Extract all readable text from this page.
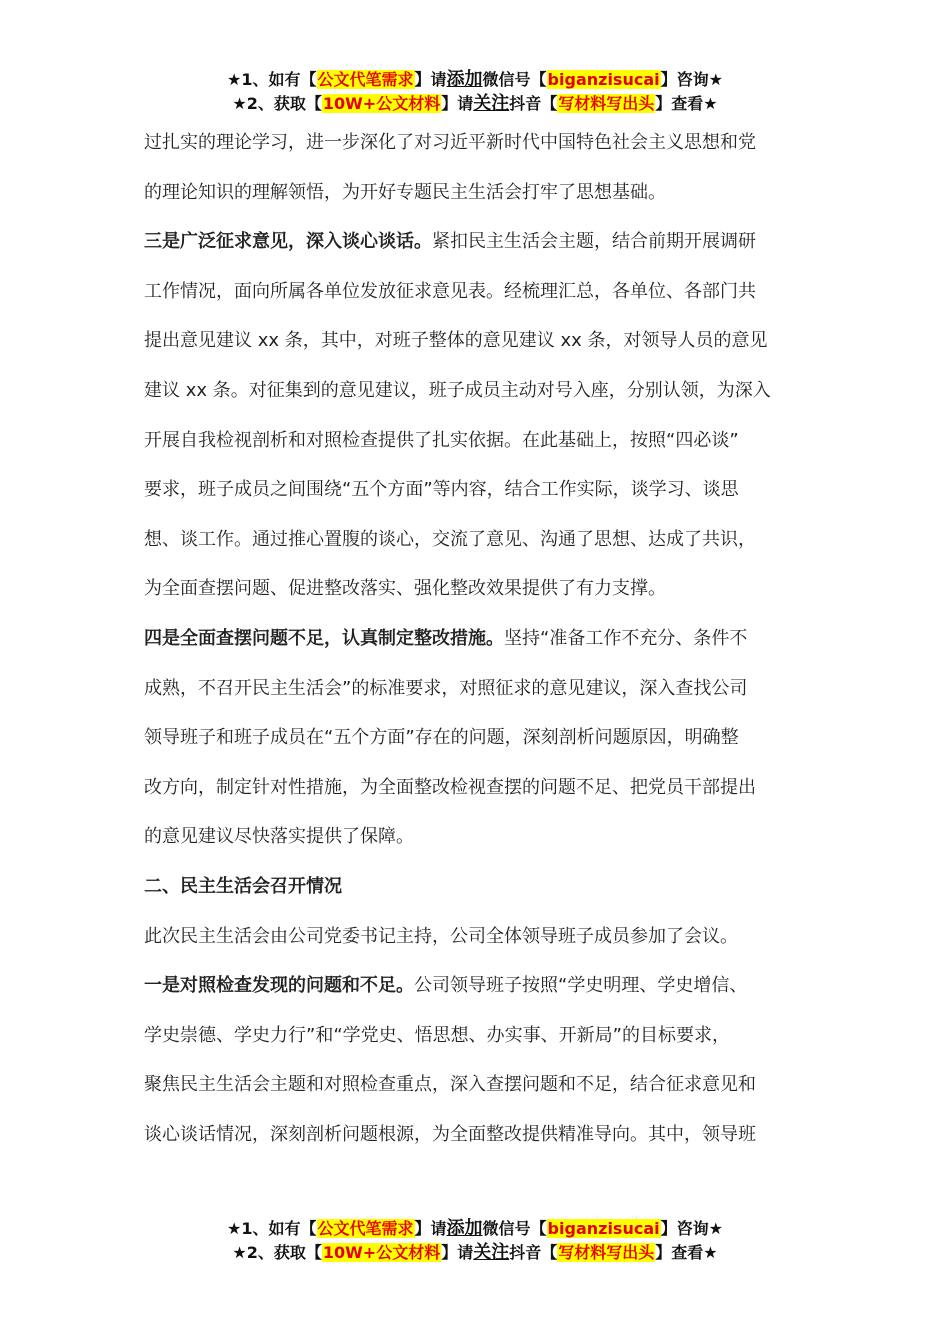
★1、如有【公文代笔需求】请添加微信号【biganzisucai】咨询★
★2、获取【10W+公文材料】请关注抖音【写材料写出头】查看★
过扎实的理论学习，进一步深化了对习近平新时代中国特色社会主义思想和党
的理论知识的理解领悟，为开好专题民主生活会打牢了思想基础。
三是广泛征求意见，深入谈心谈话。紧扣民主生活会主题，结合前期开展调研
工作情况，面向所属各单位发放征求意见表。经梳理汇总，各单位、各部门共
提出意见建议 xx 条，其中，对班子整体的意见建议 xx 条，对领导人员的意见
建议 xx 条。对征集到的意见建议，班子成员主动对号入座，分别认领，为深入
开展自我检视剖析和对照检查提供了扎实依据。在此基础上，按照“四必谈”
要求，班子成员之间围绕“五个方面”等内容，结合工作实际，谈学习、谈思
想、谈工作。通过推心置腹的谈心，交流了意见、沟通了思想、达成了共识，
为全面查摆问题、促进整改落实、强化整改效果提供了有力支撑。
四是全面查摆问题不足，认真制定整改措施。坚持“准备工作不充分、条件不
成熟，不召开民主生活会”的标准要求，对照征求的意见建议，深入查找公司
领导班子和班子成员在“五个方面”存在的问题，深刻剖析问题原因，明确整
改方向，制定针对性措施，为全面整改检视查摆的问题不足、把党员干部提出
的意见建议尽快落实提供了保障。
二、民主生活会召开情况
此次民主生活会由公司党委书记主持，公司全体领导班子成员参加了会议。
一是对照检查发现的问题和不足。公司领导班子按照“学史明理、学史增信、
学史崇德、学史力行”和“学党史、悟思想、办实事、开新局”的目标要求，
聚焦民主生活会主题和对照检查重点，深入查摆问题和不足，结合征求意见和
谈心谈话情况，深刻剖析问题根源，为全面整改提供精准导向。其中，领导班
★1、如有【公文代笔需求】请添加微信号【biganzisucai】咨询★
★2、获取【10W+公文材料】请关注抖音【写材料写出头】查看★
